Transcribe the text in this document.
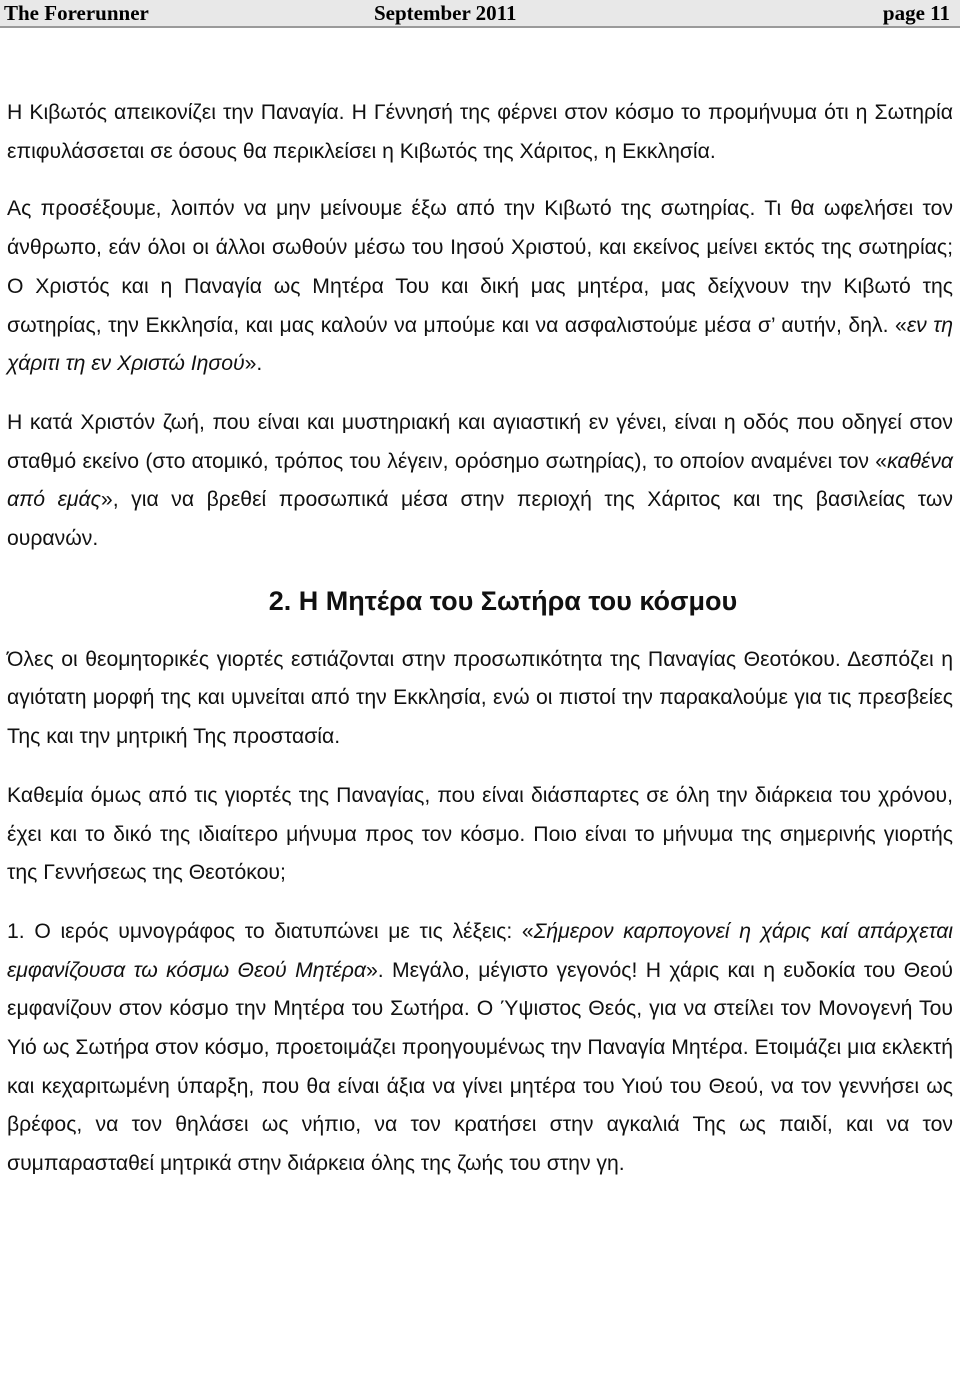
The Forerunner	September 2011	page 11

Η Κιβωτός απεικονίζει την Παναγία. Η Γέννησή της φέρνει στον κόσμο το προμήνυμα ότι η Σωτηρία επιφυλάσσεται σε όσους θα περικλείσει η Κιβωτός της Χάριτος, η Εκκλησία.

Ας προσέξουμε, λοιπόν να μην μείνουμε έξω από την Κιβωτό της σωτηρίας. Τι θα ωφελήσει τον άνθρωπο, εάν όλοι οι άλλοι σωθούν μέσω του Ιησού Χριστού, και εκείνος μείνει εκτός της σωτηρίας; Ο Χριστός και η Παναγία ως Μητέρα Του και δική μας μητέρα, μας δείχνουν την Κιβωτό της σωτηρίας, την Εκκλησία, και μας καλούν να μπούμε και να ασφαλιστούμε μέσα σ’ αυτήν, δηλ. «εν τη χάριτι τη εν Χριστώ Ιησού».

Η κατά Χριστόν ζωή, που είναι και μυστηριακή και αγιαστική εν γένει, είναι η οδός που οδηγεί στον σταθμό εκείνο (στο ατομικό, τρόπος του λέγειν, ορόσημο σωτηρίας), το οποίον αναμένει τον «καθένα από εμάς», για να βρεθεί προσωπικά μέσα στην περιοχή της Χάριτος και της βασιλείας των ουρανών.

2. Η Μητέρα του Σωτήρα του κόσμου

Όλες οι θεομητορικές γιορτές εστιάζονται στην προσωπικότητα της Παναγίας Θεοτόκου. Δεσπόζει η αγιότατη μορφή της και υμνείται από την Εκκλησία, ενώ οι πιστοί την παρακαλούμε για τις πρεσβείες Της και την μητρική Της προστασία.

Καθεμία όμως από τις γιορτές της Παναγίας, που είναι διάσπαρτες σε όλη την διάρκεια του χρόνου, έχει και το δικό της ιδιαίτερο μήνυμα προς τον κόσμο. Ποιο είναι το μήνυμα της σημερινής γιορτής της Γεννήσεως της Θεοτόκου;

1. Ο ιερός υμνογράφος το διατυπώνει με τις λέξεις: «Σήμερον καρπογονεί η χάρις καί απάρχεται εμφανίζουσα τω κόσμω Θεού Μητέρα». Μεγάλο, μέγιστο γεγονός! Η χάρις και η ευδοκία του Θεού εμφανίζουν στον κόσμο την Μητέρα του Σωτήρα. Ο Ύψιστος Θεός, για να στείλει τον Μονογενή Του Υιό ως Σωτήρα στον κόσμο, προετοιμάζει προηγουμένως την Παναγία Μητέρα. Ετοιμάζει μια εκλεκτή και κεχαριτωμένη ύπαρξη, που θα είναι άξια να γίνει μητέρα του Υιού του Θεού, να τον γεννήσει ως βρέφος, να τον θηλάσει ως νήπιο, να τον κρατήσει στην αγκαλιά Της ως παιδί, και να τον συμπαρασταθεί μητρικά στην διάρκεια όλης της ζωής του στην γη.
